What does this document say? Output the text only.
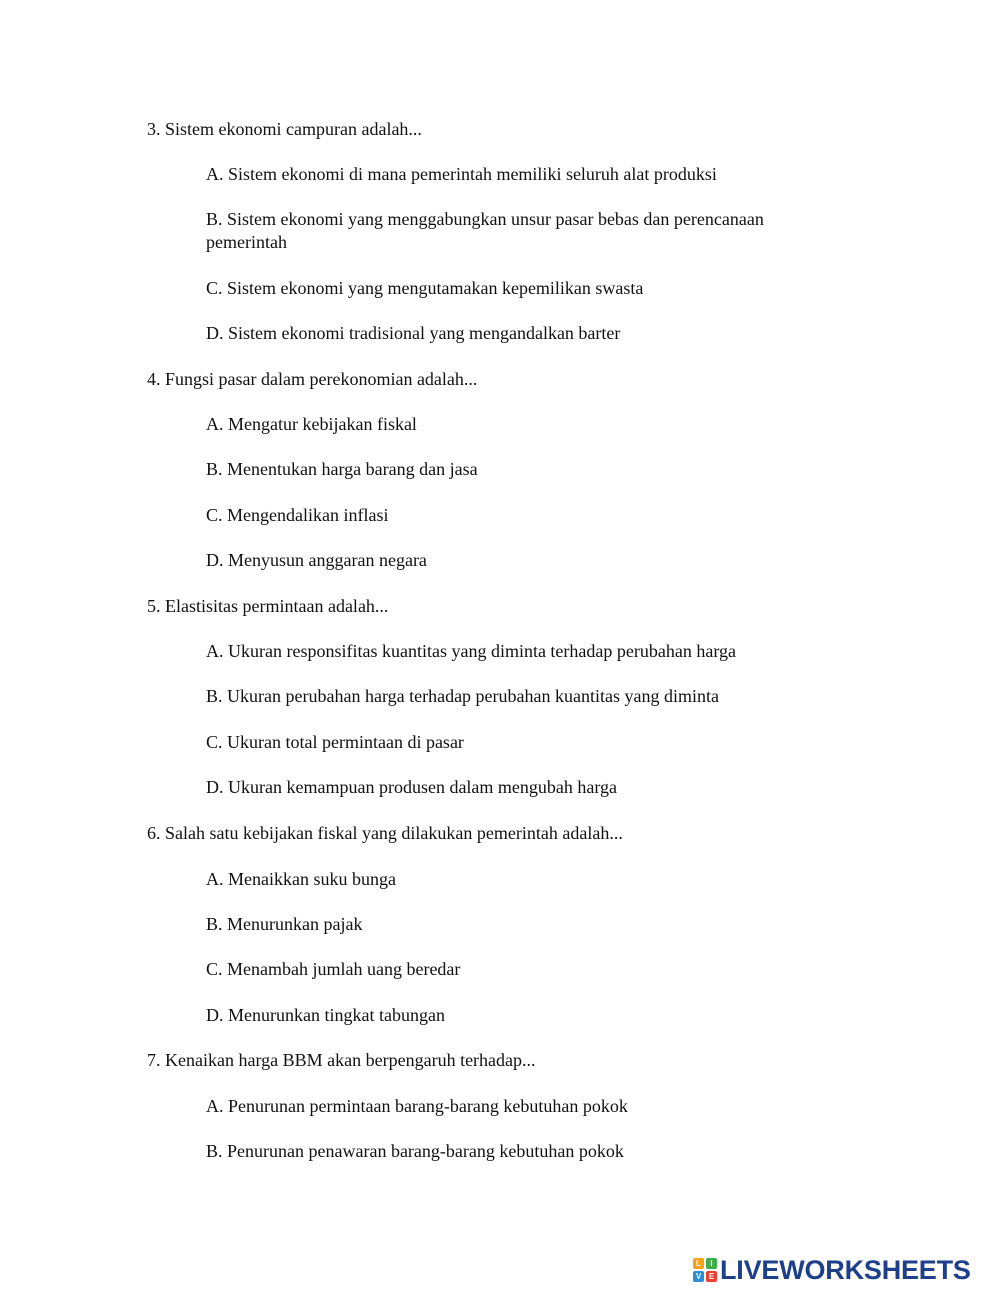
3. Sistem ekonomi campuran adalah...
A. Sistem ekonomi di mana pemerintah memiliki seluruh alat produksi
B. Sistem ekonomi yang menggabungkan unsur pasar bebas dan perencanaan pemerintah
C. Sistem ekonomi yang mengutamakan kepemilikan swasta
D. Sistem ekonomi tradisional yang mengandalkan barter
4. Fungsi pasar dalam perekonomian adalah...
A. Mengatur kebijakan fiskal
B. Menentukan harga barang dan jasa
C. Mengendalikan inflasi
D. Menyusun anggaran negara
5. Elastisitas permintaan adalah...
A. Ukuran responsifitas kuantitas yang diminta terhadap perubahan harga
B. Ukuran perubahan harga terhadap perubahan kuantitas yang diminta
C. Ukuran total permintaan di pasar
D. Ukuran kemampuan produsen dalam mengubah harga
6. Salah satu kebijakan fiskal yang dilakukan pemerintah adalah...
A. Menaikkan suku bunga
B. Menurunkan pajak
C. Menambah jumlah uang beredar
D. Menurunkan tingkat tabungan
7. Kenaikan harga BBM akan berpengaruh terhadap...
A. Penurunan permintaan barang-barang kebutuhan pokok
B. Penurunan penawaran barang-barang kebutuhan pokok
L	I
V E LIVEWORKSHEETS
